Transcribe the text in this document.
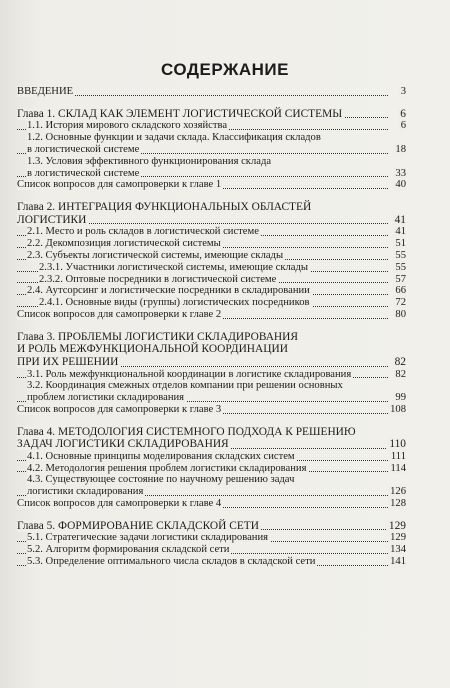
СОДЕРЖАНИЕ
ВВЕДЕНИЕ	3
Глава 1. СКЛАД КАК ЭЛЕМЕНТ ЛОГИСТИЧЕСКОЙ СИСТЕМЫ	6
1.1. История мирового складского хозяйства	6
1.2. Основные функции и задачи склада. Классификация складов
в логистической системе	18
1.3. Условия эффективного функционирования склада
в логистической системе	33
Список вопросов для самопроверки к главе 1	40
Глава 2. ИНТЕГРАЦИЯ ФУНКЦИОНАЛЬНЫХ ОБЛАСТЕЙ
ЛОГИСТИКИ	41
2.1. Место и роль складов в логистической системе	41
2.2. Декомпозиция логистической системы	51
2.3. Субъекты логистической системы, имеющие склады	55
2.3.1. Участники логистической системы, имеющие склады	55
2.3.2. Оптовые посредники в логистической системе	57
2.4. Аутсорсинг и логистические посредники в складировании	66
2.4.1. Основные виды (группы) логистических посредников	72
Список вопросов для самопроверки к главе 2	80
Глава 3. ПРОБЛЕМЫ ЛОГИСТИКИ СКЛАДИРОВАНИЯ
И РОЛЬ МЕЖФУНКЦИОНАЛЬНОЙ КООРДИНАЦИИ
ПРИ ИХ РЕШЕНИИ	82
3.1. Роль межфункциональной координации в логистике складирования	82
3.2. Координация смежных отделов компании при решении основных
проблем логистики складирования	99
Список вопросов для самопроверки к главе 3	108
Глава 4. МЕТОДОЛОГИЯ СИСТЕМНОГО ПОДХОДА К РЕШЕНИЮ
ЗАДАЧ ЛОГИСТИКИ СКЛАДИРОВАНИЯ	110
4.1. Основные принципы моделирования складских систем	111
4.2. Методология решения проблем логистики складирования	114
4.3. Существующее состояние по научному решению задач
логистики складирования	126
Список вопросов для самопроверки к главе 4	128
Глава 5. ФОРМИРОВАНИЕ СКЛАДСКОЙ СЕТИ	129
5.1. Стратегические задачи логистики складирования	129
5.2. Алгоритм формирования складской сети	134
5.3. Определение оптимального числа складов в складской сети	141
